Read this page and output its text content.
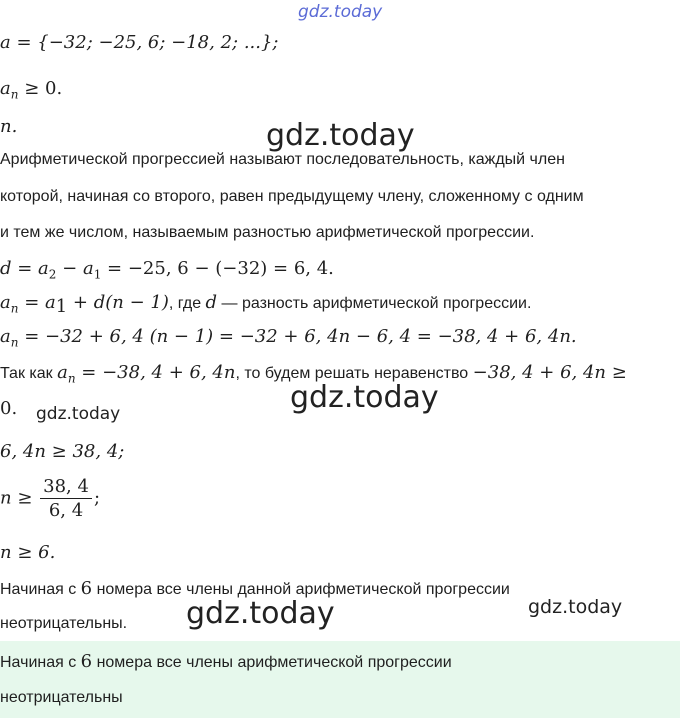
gdz.today
gdz.today
gdz.today
gdz.today
gdz.today
gdz.today
a = {−32; −25, 6; −18, 2; ...};
$a_n \ge 0$.
n.
Арифметической прогрессией называют последовательность, каждый член
которой, начиная со второго, равен предыдущему члену, сложенному с одним
и тем же числом, называемым разностью арифметической прогрессии.
$d = a_2 - a_1 = -25$, 6 − (−32) = 6, 4.
$a_n = a_1 + d(n - 1)$, где d — разность арифметической прогрессии.
$a_n = -32 + 6$, 4 (n − 1) = −32 + 6, 4n − 6, 4 = −38, 4 + 6, 4n.
Так как $a_n = -38$, 4 + 6, 4n, то будем решать неравенство −38, 4 + 6, 4n ≥
0.
6, 4n ≥ 38, 4;
$n \ge \frac{38, 4}{6, 4}$ ;
n ≥ 6.
Начиная с 6 номера все члены данной арифметической прогрессии
неотрицательны.
Начиная с 6 номера все члены арифметической прогрессии
неотрицательны
